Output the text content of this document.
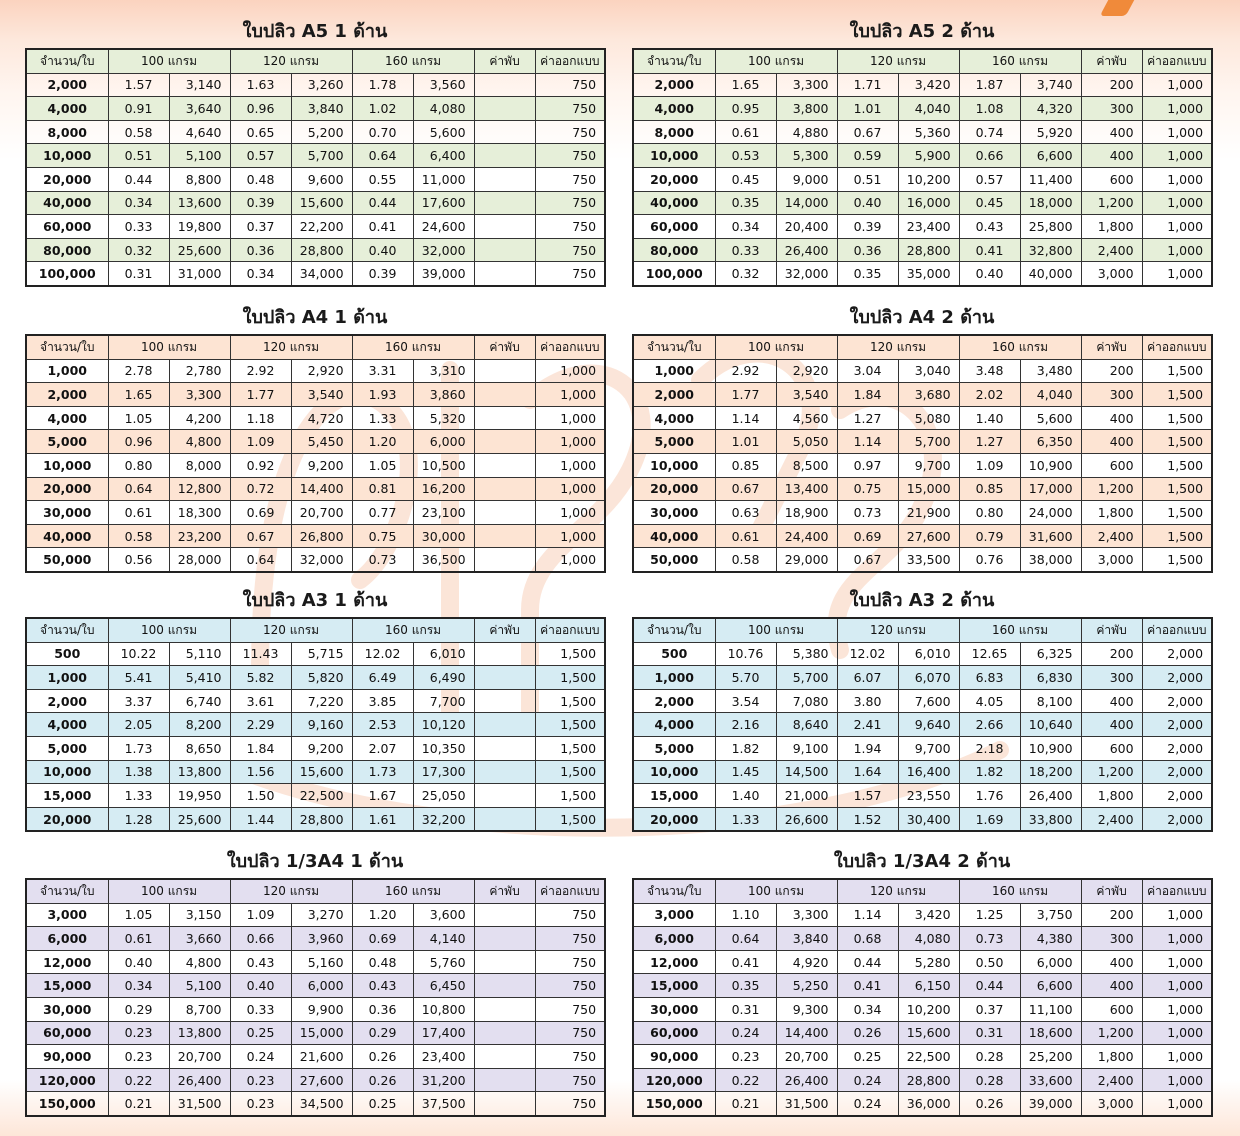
ใบปลิว A5 1 ด้าน
จำนวน/ใบ	100 แกรม		120 แกรม		160 แกรม		ค่าพับ	ค่าออกแบบ
2,000	1.57	3,140	1.63	3,260	1.78	3,560		750
4,000	0.91	3,640	0.96	3,840	1.02	4,080		750
8,000	0.58	4,640	0.65	5,200	0.70	5,600		750
10,000	0.51	5,100	0.57	5,700	0.64	6,400		750
20,000	0.44	8,800	0.48	9,600	0.55	11,000		750
40,000	0.34	13,600	0.39	15,600	0.44	17,600		750
60,000	0.33	19,800	0.37	22,200	0.41	24,600		750
80,000	0.32	25,600	0.36	28,800	0.40	32,000		750
100,000	0.31	31,000	0.34	34,000	0.39	39,000		750
ใบปลิว A5 2 ด้าน
จำนวน/ใบ	100 แกรม		120 แกรม		160 แกรม		ค่าพับ	ค่าออกแบบ
2,000	1.65	3,300	1.71	3,420	1.87	3,740	200	1,000
4,000	0.95	3,800	1.01	4,040	1.08	4,320	300	1,000
8,000	0.61	4,880	0.67	5,360	0.74	5,920	400	1,000
10,000	0.53	5,300	0.59	5,900	0.66	6,600	400	1,000
20,000	0.45	9,000	0.51	10,200	0.57	11,400	600	1,000
40,000	0.35	14,000	0.40	16,000	0.45	18,000	1,200	1,000
60,000	0.34	20,400	0.39	23,400	0.43	25,800	1,800	1,000
80,000	0.33	26,400	0.36	28,800	0.41	32,800	2,400	1,000
100,000	0.32	32,000	0.35	35,000	0.40	40,000	3,000	1,000
ใบปลิว A4 1 ด้าน
จำนวน/ใบ	100 แกรม		120 แกรม		160 แกรม		ค่าพับ	ค่าออกแบบ
1,000	2.78	2,780	2.92	2,920	3.31	3,310		1,000
2,000	1.65	3,300	1.77	3,540	1.93	3,860		1,000
4,000	1.05	4,200	1.18	4,720	1.33	5,320		1,000
5,000	0.96	4,800	1.09	5,450	1.20	6,000		1,000
10,000	0.80	8,000	0.92	9,200	1.05	10,500		1,000
20,000	0.64	12,800	0.72	14,400	0.81	16,200		1,000
30,000	0.61	18,300	0.69	20,700	0.77	23,100		1,000
40,000	0.58	23,200	0.67	26,800	0.75	30,000		1,000
50,000	0.56	28,000	0.64	32,000	0.73	36,500		1,000
ใบปลิว A4 2 ด้าน
จำนวน/ใบ	100 แกรม		120 แกรม		160 แกรม		ค่าพับ	ค่าออกแบบ
1,000	2.92	2,920	3.04	3,040	3.48	3,480	200	1,500
2,000	1.77	3,540	1.84	3,680	2.02	4,040	300	1,500
4,000	1.14	4,560	1.27	5,080	1.40	5,600	400	1,500
5,000	1.01	5,050	1.14	5,700	1.27	6,350	400	1,500
10,000	0.85	8,500	0.97	9,700	1.09	10,900	600	1,500
20,000	0.67	13,400	0.75	15,000	0.85	17,000	1,200	1,500
30,000	0.63	18,900	0.73	21,900	0.80	24,000	1,800	1,500
40,000	0.61	24,400	0.69	27,600	0.79	31,600	2,400	1,500
50,000	0.58	29,000	0.67	33,500	0.76	38,000	3,000	1,500
ใบปลิว A3 1 ด้าน
จำนวน/ใบ	100 แกรม		120 แกรม		160 แกรม		ค่าพับ	ค่าออกแบบ
500	10.22	5,110	11.43	5,715	12.02	6,010		1,500
1,000	5.41	5,410	5.82	5,820	6.49	6,490		1,500
2,000	3.37	6,740	3.61	7,220	3.85	7,700		1,500
4,000	2.05	8,200	2.29	9,160	2.53	10,120		1,500
5,000	1.73	8,650	1.84	9,200	2.07	10,350		1,500
10,000	1.38	13,800	1.56	15,600	1.73	17,300		1,500
15,000	1.33	19,950	1.50	22,500	1.67	25,050		1,500
20,000	1.28	25,600	1.44	28,800	1.61	32,200		1,500
ใบปลิว A3 2 ด้าน
จำนวน/ใบ	100 แกรม		120 แกรม		160 แกรม		ค่าพับ	ค่าออกแบบ
500	10.76	5,380	12.02	6,010	12.65	6,325	200	2,000
1,000	5.70	5,700	6.07	6,070	6.83	6,830	300	2,000
2,000	3.54	7,080	3.80	7,600	4.05	8,100	400	2,000
4,000	2.16	8,640	2.41	9,640	2.66	10,640	400	2,000
5,000	1.82	9,100	1.94	9,700	2.18	10,900	600	2,000
10,000	1.45	14,500	1.64	16,400	1.82	18,200	1,200	2,000
15,000	1.40	21,000	1.57	23,550	1.76	26,400	1,800	2,000
20,000	1.33	26,600	1.52	30,400	1.69	33,800	2,400	2,000
ใบปลิว 1/3A4 1 ด้าน
จำนวน/ใบ	100 แกรม		120 แกรม		160 แกรม		ค่าพับ	ค่าออกแบบ
3,000	1.05	3,150	1.09	3,270	1.20	3,600		750
6,000	0.61	3,660	0.66	3,960	0.69	4,140		750
12,000	0.40	4,800	0.43	5,160	0.48	5,760		750
15,000	0.34	5,100	0.40	6,000	0.43	6,450		750
30,000	0.29	8,700	0.33	9,900	0.36	10,800		750
60,000	0.23	13,800	0.25	15,000	0.29	17,400		750
90,000	0.23	20,700	0.24	21,600	0.26	23,400		750
120,000	0.22	26,400	0.23	27,600	0.26	31,200		750
150,000	0.21	31,500	0.23	34,500	0.25	37,500		750
ใบปลิว 1/3A4 2 ด้าน
จำนวน/ใบ	100 แกรม		120 แกรม		160 แกรม		ค่าพับ	ค่าออกแบบ
3,000	1.10	3,300	1.14	3,420	1.25	3,750	200	1,000
6,000	0.64	3,840	0.68	4,080	0.73	4,380	300	1,000
12,000	0.41	4,920	0.44	5,280	0.50	6,000	400	1,000
15,000	0.35	5,250	0.41	6,150	0.44	6,600	400	1,000
30,000	0.31	9,300	0.34	10,200	0.37	11,100	600	1,000
60,000	0.24	14,400	0.26	15,600	0.31	18,600	1,200	1,000
90,000	0.23	20,700	0.25	22,500	0.28	25,200	1,800	1,000
120,000	0.22	26,400	0.24	28,800	0.28	33,600	2,400	1,000
150,000	0.21	31,500	0.24	36,000	0.26	39,000	3,000	1,000
